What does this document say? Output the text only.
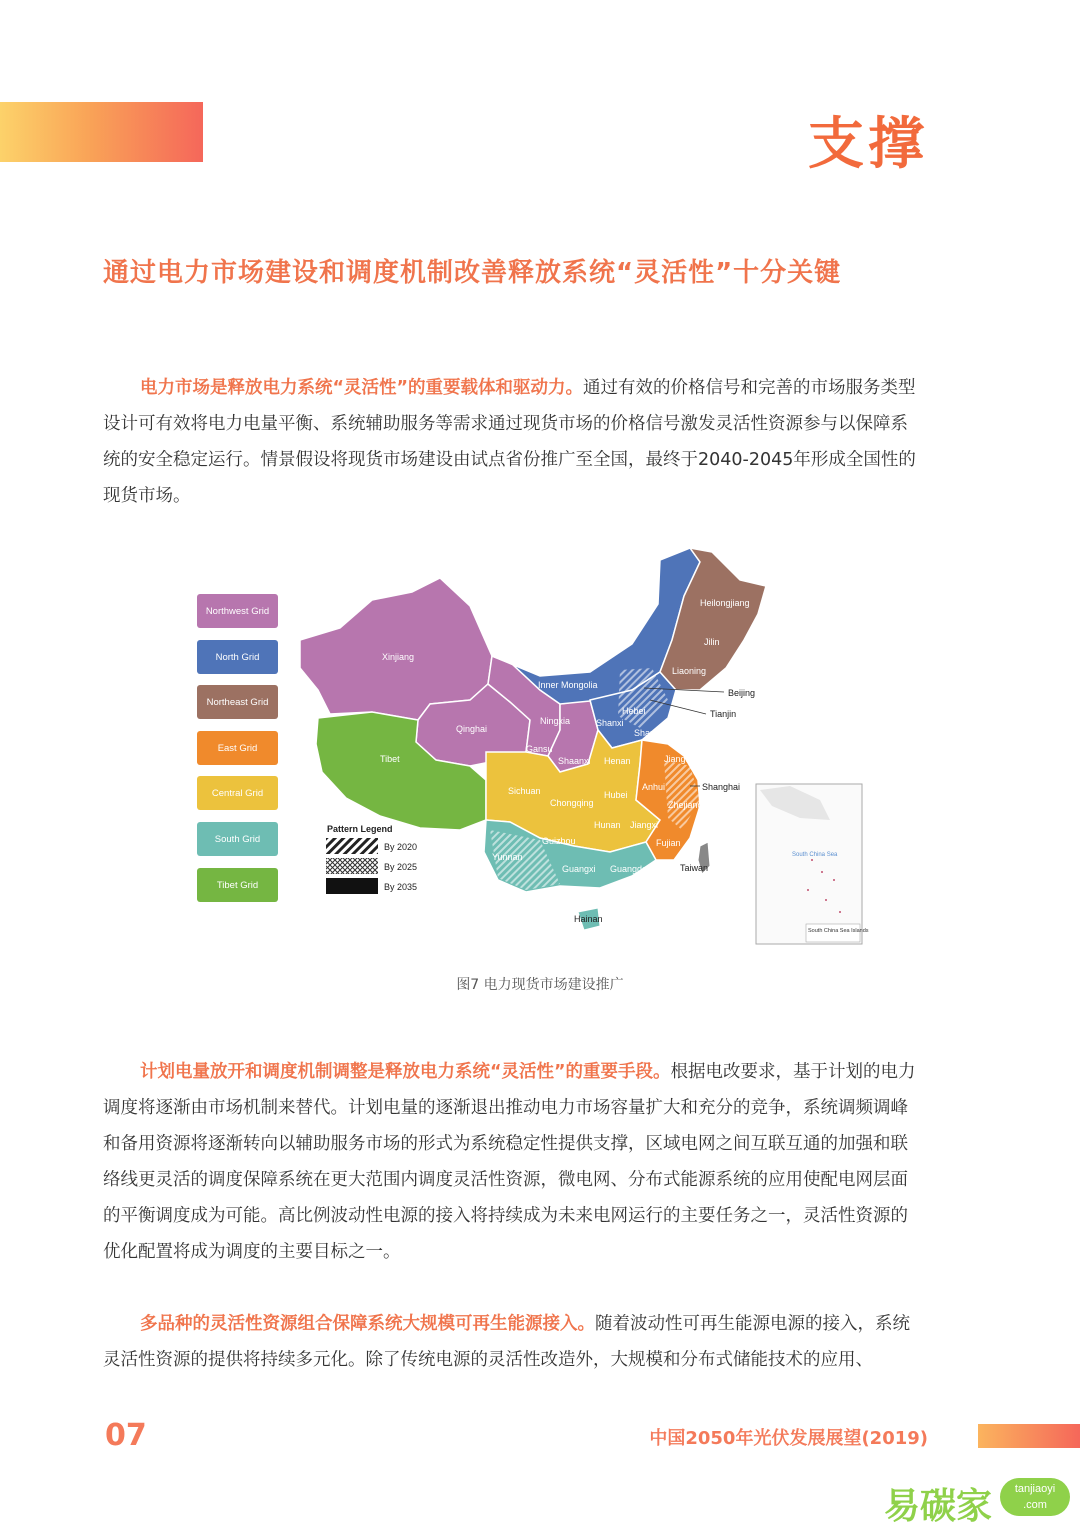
支撑
通过电力市场建设和调度机制改善释放系统“灵活性”十分关键
电力市场是释放电力系统“灵活性”的重要载体和驱动力。通过有效的价格信号和完善的市场服务类型设计可有效将电力电量平衡、系统辅助服务等需求通过现货市场的价格信号激发灵活性资源参与以保障系统的安全稳定运行。情景假设将现货市场建设由试点省份推广至全国，最终于2040-2045年形成全国性的现货市场。
Northwest Grid
North Grid
Northeast Grid
East Grid
Central Grid
South Grid
Tibet Grid
Xinjiang
Tibet
Qinghai
Gansu
Ningxia
Inner Mongolia
Heilongjiang
Jilin
Liaoning
Hebei
Shanxi
Shandong
Shaanxi Henan	Jiangsu
Anhui
Zhejiang
Sichuan
Chongqing
Hubei
Hunan Jiangxi
Fujian
Guizhou
Yunnan
Guangxi Guangdong
Beijing
Tianjin
Shanghai
Taiwan
Hainan
Pattern Legend
By 2020
By 2025
By 2035
South China Sea
South China Sea Islands
图7 电力现货市场建设推广
计划电量放开和调度机制调整是释放电力系统“灵活性”的重要手段。根据电改要求，基于计划的电力调度将逐渐由市场机制来替代。计划电量的逐渐退出推动电力市场容量扩大和充分的竞争，系统调频调峰和备用资源将逐渐转向以辅助服务市场的形式为系统稳定性提供支撑，区域电网之间互联互通的加强和联络线更灵活的调度保障系统在更大范围内调度灵活性资源，微电网、分布式能源系统的应用使配电网层面的平衡调度成为可能。高比例波动性电源的接入将持续成为未来电网运行的主要任务之一，灵活性资源的优化配置将成为调度的主要目标之一。
多品种的灵活性资源组合保障系统大规模可再生能源接入。随着波动性可再生能源电源的接入，系统灵活性资源的提供将持续多元化。除了传统电源的灵活性改造外，大规模和分布式储能技术的应用、
07	中国2050年光伏发展展望(2019)
易碳家	tanjiaoyi
.com
